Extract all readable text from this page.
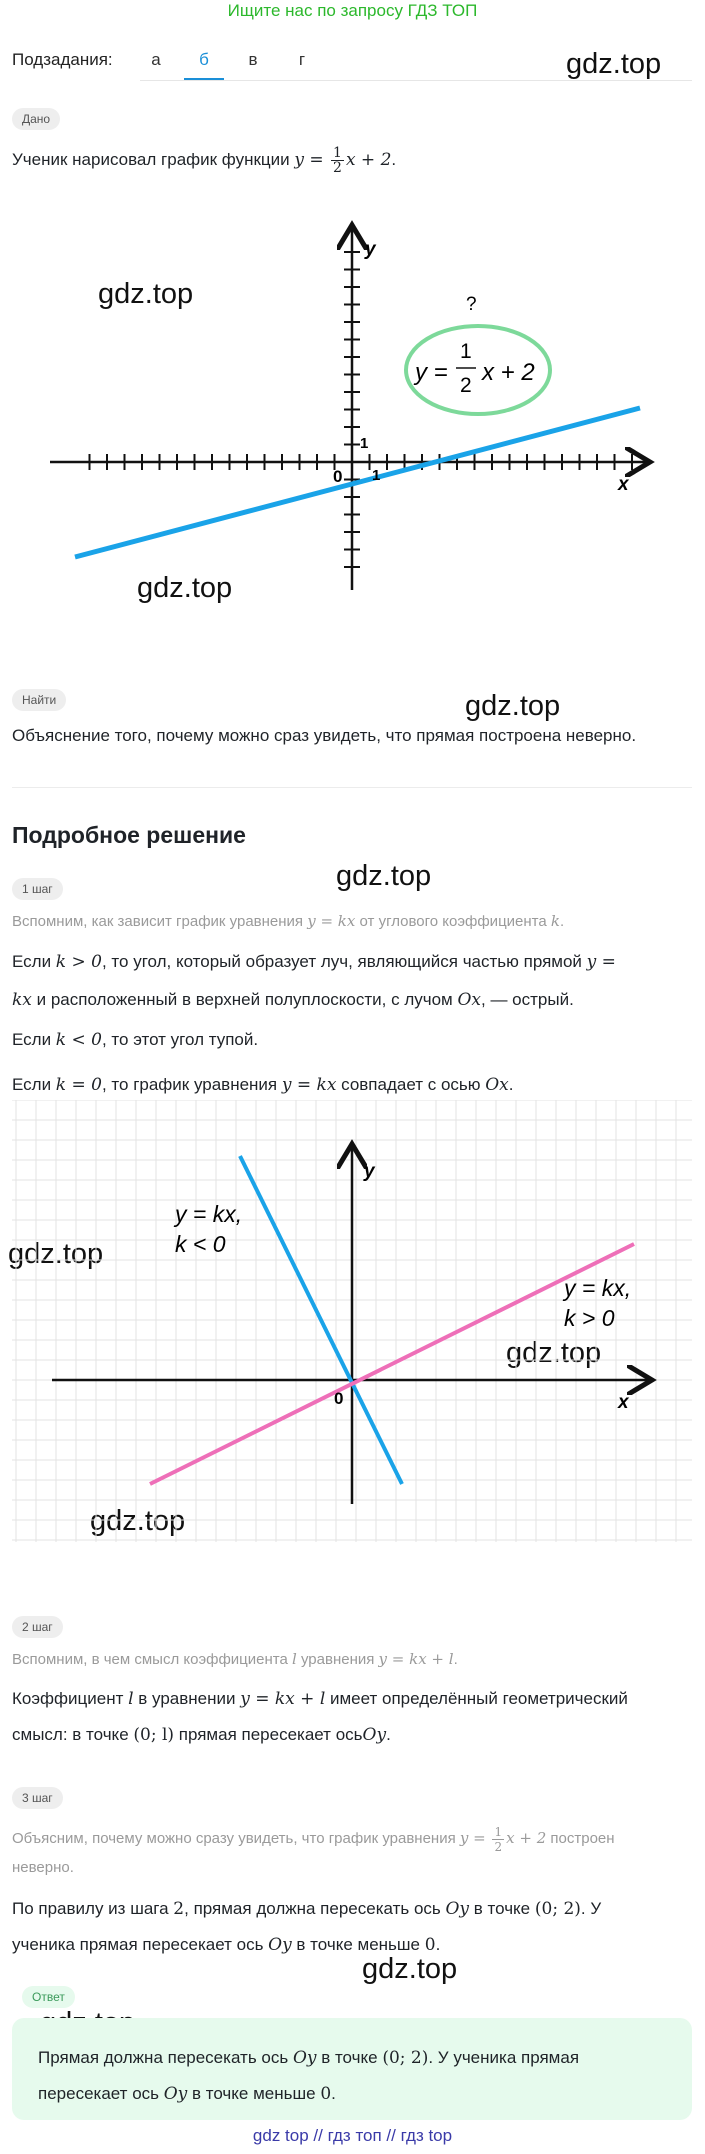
Ищите нас по запросу ГДЗ ТОП
Подзадания:	а	б	в	г	gdz.top
gdz.top
gdz.top
gdz.top
gdz.top
gdz.top
gdz.top
gdz.top
gdz.top
Дано
Ученик нарисовал график функции $y = \frac{1}{2}$ x + 2.
y
x
0 1
1
?
y =
1
2 x + 2
Найти
Объяснение того, почему можно сраз увидеть, что прямая построена неверно.
Подробное решение
1 шаг
Вспомним, как зависит график уравнения y = kx от углового коэффициента k.
Если k > 0, то угол, который образует луч, являющийся частью прямой y =
kx и расположенный в верхней полуплоскости, с лучом Ox, — острый.
Если k < 0, то этот угол тупой.
Если k = 0, то график уравнения y = kx совпадает с осью Ox.
y
x
0
y = kx,
k < 0
y = kx,
k > 0
2 шаг
Вспомним, в чем смысл коэффициента l уравнения y = kx + l.
Коэффициент l в уравнении y = kx + l имеет определённый геометрический
смысл: в точке (0; l) прямая пересекает осьOy.
3 шаг
Объясним, почему можно сразу увидеть, что график уравнения $y = \frac{1}{2}$ x + 2 построен
неверно.
По правилу из шага 2, прямая должна пересекать ось Oy в точке (0; 2). У
ученика прямая пересекает ось Oy в точке меньше 0.
Ответ
Прямая должна пересекать ось Oy в точке (0; 2). У ученика прямая
пересекает ось Oy в точке меньше 0.
gdz top // гдз топ // гдз top
